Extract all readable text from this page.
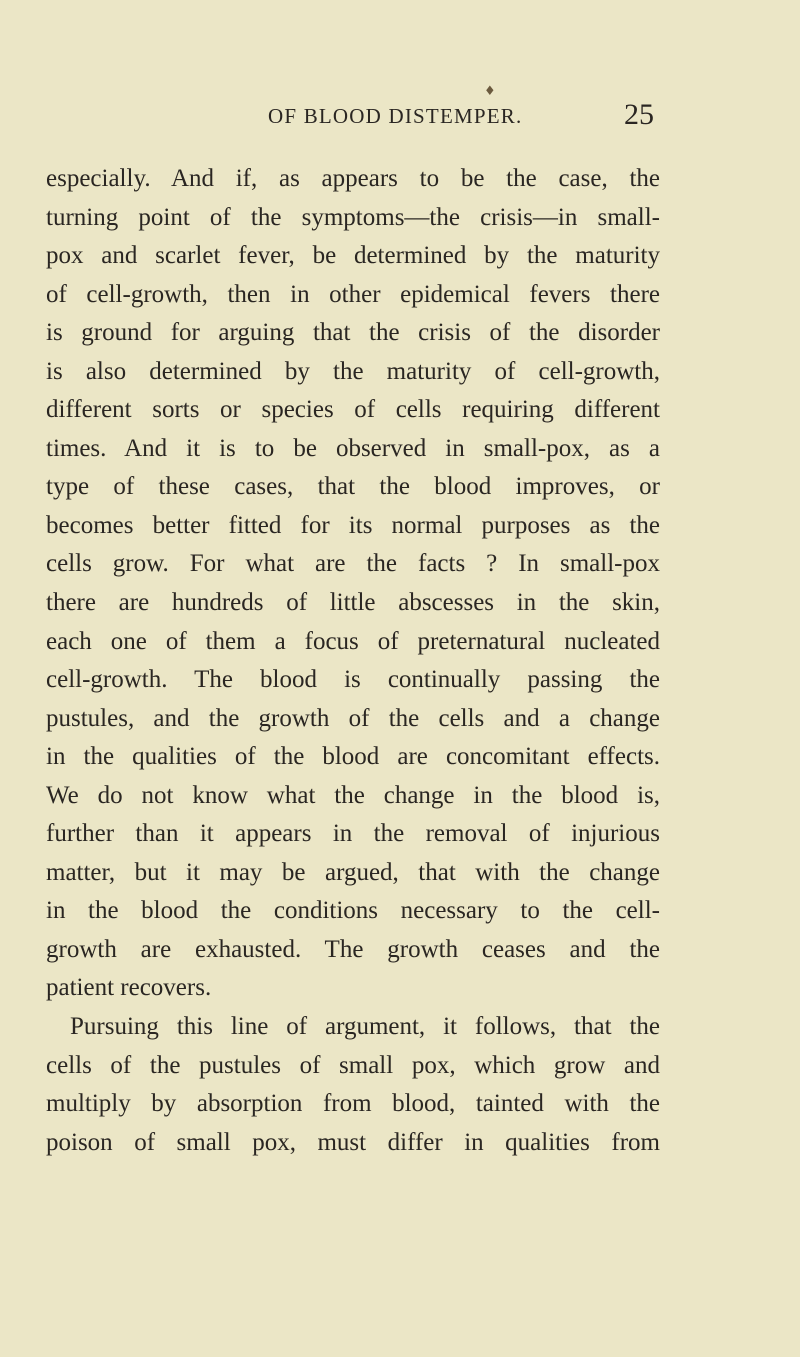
OF BLOOD DISTEMPER.	25
♦
especially. And if, as appears to be the case, the
turning point of the symptoms—the crisis—in small-
pox and scarlet fever, be determined by the maturity
of cell-growth, then in other epidemical fevers there
is ground for arguing that the crisis of the disorder
is also determined by the maturity of cell-growth,
different sorts or species of cells requiring different
times. And it is to be observed in small-pox, as a
type of these cases, that the blood improves, or
becomes better fitted for its normal purposes as the
cells grow. For what are the facts ? In small-pox
there are hundreds of little abscesses in the skin,
each one of them a focus of preternatural nucleated
cell-growth. The blood is continually passing the
pustules, and the growth of the cells and a change
in the qualities of the blood are concomitant effects.
We do not know what the change in the blood is,
further than it appears in the removal of injurious
matter, but it may be argued, that with the change
in the blood the conditions necessary to the cell-
growth are exhausted. The growth ceases and the
patient recovers.
Pursuing this line of argument, it follows, that the
cells of the pustules of small pox, which grow and
multiply by absorption from blood, tainted with the
poison of small pox, must differ in qualities from
